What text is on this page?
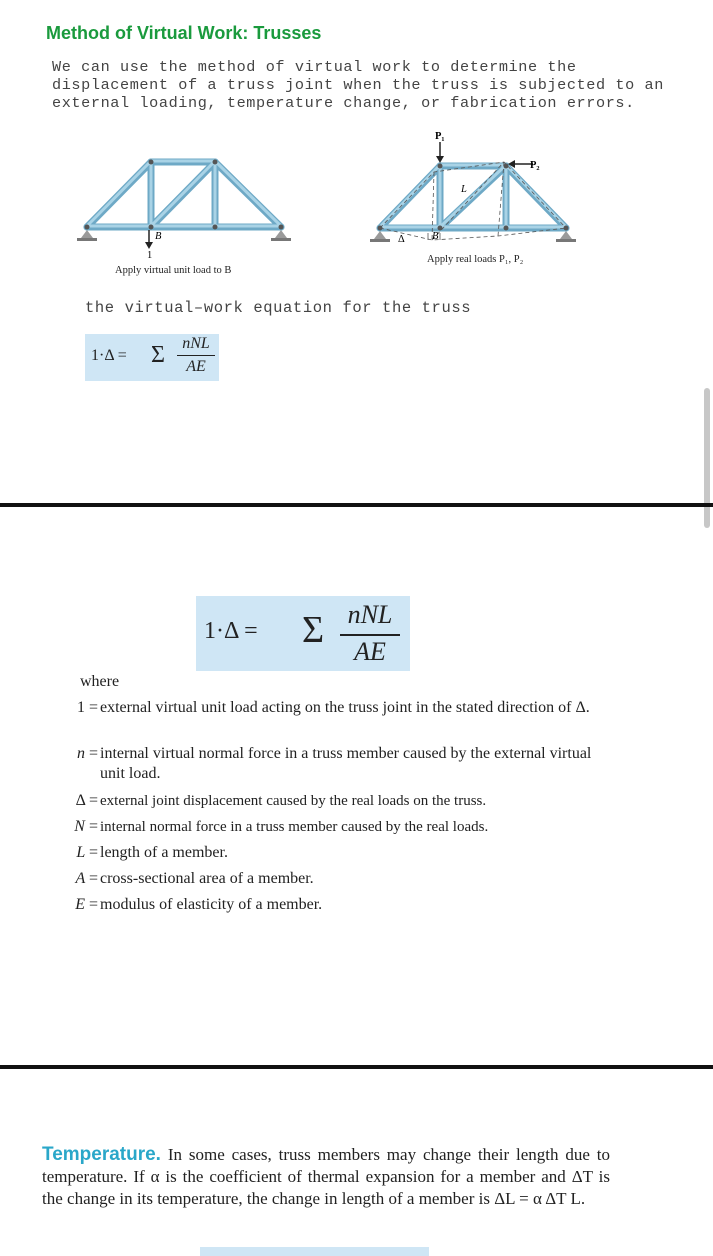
Method of Virtual Work: Trusses
We can use the method of virtual work to determine the displacement of a truss joint when the truss is subjected to an external loading, temperature change, or fabrication errors.
B
1
Apply virtual unit load to B
P₁
P₂
L
B
Δ
Apply real loads P₁, P₂
the virtual–work equation for the truss
1·Δ = Σ	nNL
AE
1·Δ = Σ nNL
AE
where
1 = external virtual unit load acting on the truss joint in the stated direction of Δ.
n = internal virtual normal force in a truss member caused by the external virtual unit load.
Δ = external joint displacement caused by the real loads on the truss.
N = internal normal force in a truss member caused by the real loads.
L = length of a member.
A = cross-sectional area of a member.
E = modulus of elasticity of a member.
Temperature. In some cases, truss members may change their length due to temperature. If α is the coefficient of thermal expansion for a member and ΔT is the change in its temperature, the change in length of a member is ΔL = α ΔT L.
